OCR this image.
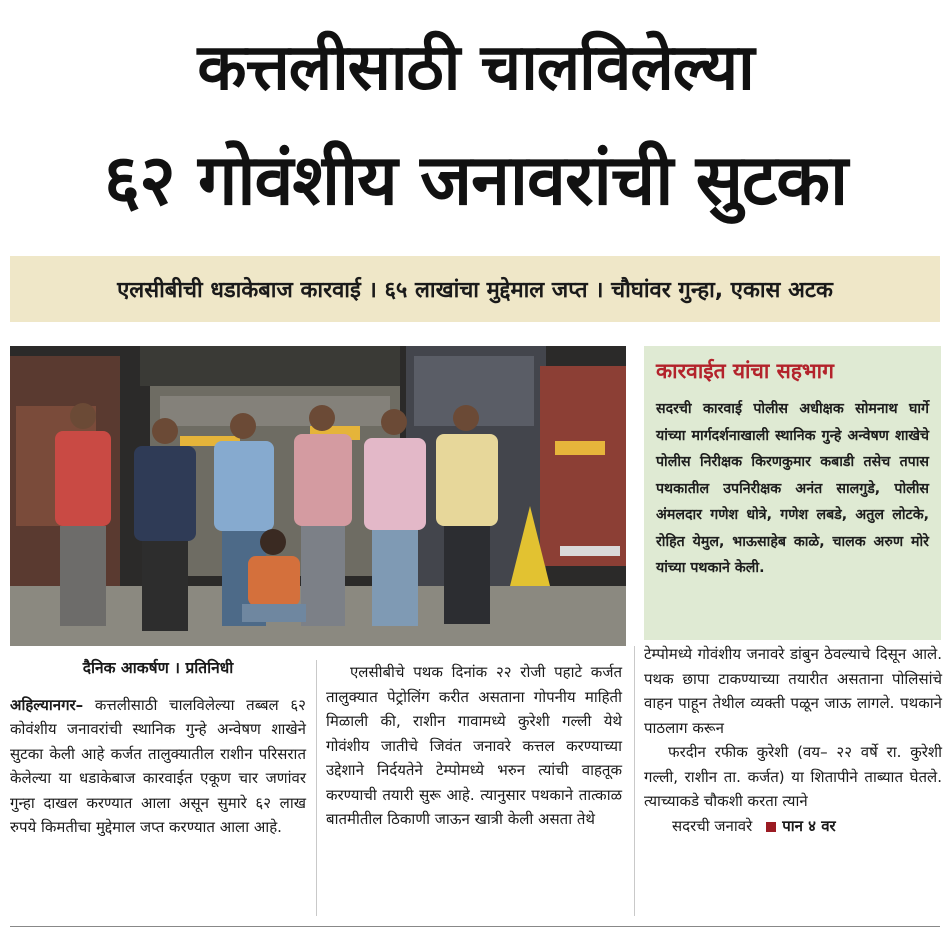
कत्तलीसाठी चालविलेल्या
६२ गोवंशीय जनावरांची सुटका
एलसीबीची धडाकेबाज कारवाई । ६५ लाखांचा मुद्देमाल जप्त । चौघांवर गुन्हा, एकास अटक
कारवाईत यांचा सहभाग

सदरची कारवाई पोलीस अधीक्षक सोमनाथ घार्गे यांच्या मार्गदर्शनाखाली स्थानिक गुन्हे अन्वेषण शाखेचे पोलीस निरीक्षक किरणकुमार कबाडी तसेच तपास पथकातील उपनिरीक्षक अनंत सालगुडे, पोलीस अंमलदार गणेश धोत्रे, गणेश लबडे, अतुल लोटके, रोहित येमुल, भाऊसाहेब काळे, चालक अरुण मोरे यांच्या पथकाने केली.

दैनिक आकर्षण । प्रतिनिधी
अहिल्यानगर– कत्तलीसाठी चालविलेल्या तब्बल ६२ कोवंशीय जनावरांची स्थानिक गुन्हे अन्वेषण शाखेने सुटका केली आहे कर्जत तालुक्यातील राशीन परिसरात केलेल्या या धडाकेबाज कारवाईत एकूण चार जणांवर गुन्हा दाखल करण्यात आला असून सुमारे ६२ लाख रुपये किमतीचा मुद्देमाल जप्त करण्यात आला आहे.
एलसीबीचे पथक दिनांक २२ रोजी पहाटे कर्जत तालुक्यात पेट्रोलिंग करीत असताना गोपनीय माहिती मिळाली की, राशीन गावामध्ये कुरेशी गल्ली येथे गोवंशीय जातीचे जिवंत जनावरे कत्तल करण्याच्या उद्देशाने निर्दयतेने टेम्पोमध्ये भरुन त्यांची वाहतूक करण्याची तयारी सुरू आहे. त्यानुसार पथकाने तात्काळ बातमीतील ठिकाणी जाऊन खात्री केली असता तेथे
टेम्पोमध्ये गोवंशीय जनावरे डांबुन ठेवल्याचे दिसून आले. पथक छापा टाकण्याच्या तयारीत असताना पोलिसांचे वाहन पाहून तेथील व्यक्ती पळून जाऊ लागले. पथकाने पाठलाग करून
फरदीन रफीक कुरेशी (वय– २२ वर्षे रा. कुरेशी गल्ली, राशीन ता. कर्जत) या शितापीने ताब्यात घेतले. त्याच्याकडे चौकशी करता त्याने
सदरची जनावरे पान ४ वर
